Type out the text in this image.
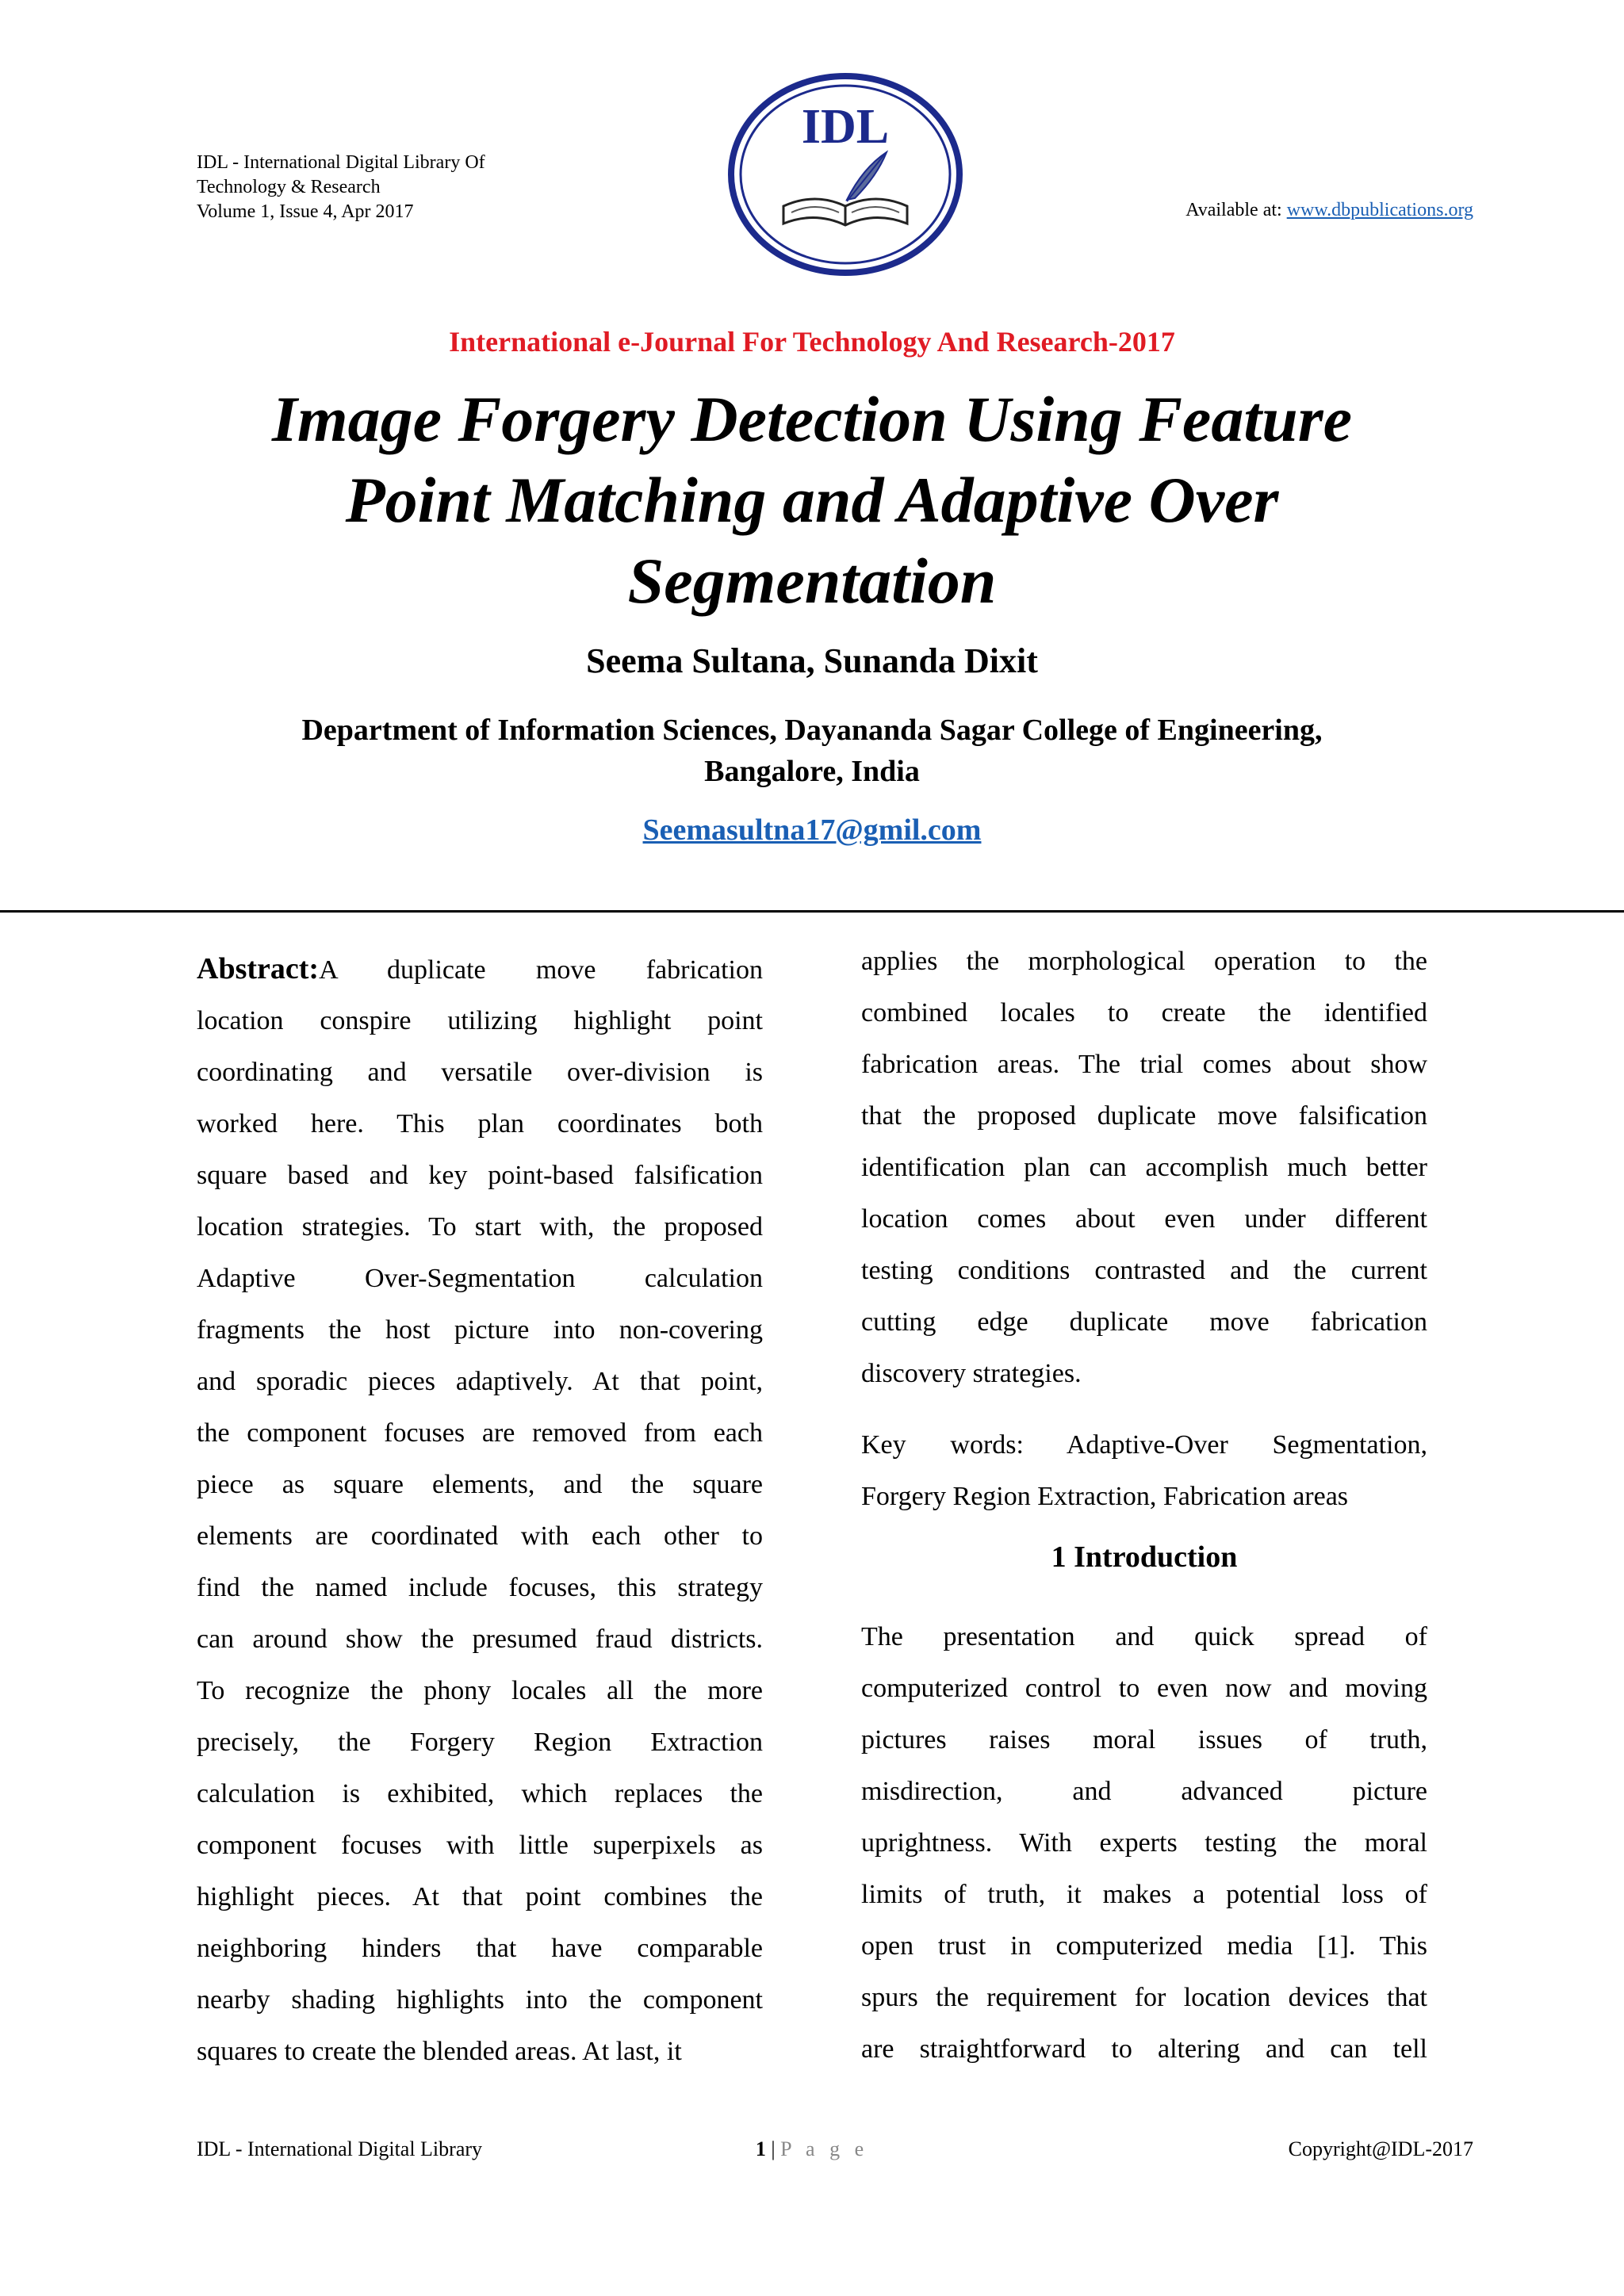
IDL - International Digital Library Of
Technology & Research
Volume 1, Issue 4, Apr 2017
IDL
Available at: www.dbpublications.org
International e-Journal For Technology And Research-2017
Image Forgery Detection Using Feature
Point Matching and Adaptive Over
Segmentation
Seema Sultana, Sunanda Dixit
Department of Information Sciences, Dayananda Sagar College of Engineering,
Bangalore, India
Seemasultna17@gmil.com
Abstract:A duplicate move fabrication
location conspire utilizing highlight point
coordinating and versatile over-division is
worked here. This plan coordinates both
square based and key point-based falsification
location strategies. To start with, the proposed
Adaptive Over-Segmentation calculation
fragments the host picture into non-covering
and sporadic pieces adaptively. At that point,
the component focuses are removed from each
piece as square elements, and the square
elements are coordinated with each other to
find the named include focuses, this strategy
can around show the presumed fraud districts.
To recognize the phony locales all the more
precisely, the Forgery Region Extraction
calculation is exhibited, which replaces the
component focuses with little superpixels as
highlight pieces. At that point combines the
neighboring hinders that have comparable
nearby shading highlights into the component
squares to create the blended areas. At last, it
applies the morphological operation to the
combined locales to create the identified
fabrication areas. The trial comes about show
that the proposed duplicate move falsification
identification plan can accomplish much better
location comes about even under different
testing conditions contrasted and the current
cutting edge duplicate move fabrication
discovery strategies.
Key words: Adaptive-Over Segmentation,
Forgery Region Extraction, Fabrication areas
1 Introduction
The presentation and quick spread of
computerized control to even now and moving
pictures raises moral issues of truth,
misdirection, and advanced picture
uprightness. With experts testing the moral
limits of truth, it makes a potential loss of
open trust in computerized media [1]. This
spurs the requirement for location devices that
are straightforward to altering and can tell
IDL - International Digital Library	1 | P a g e	Copyright@IDL-2017
